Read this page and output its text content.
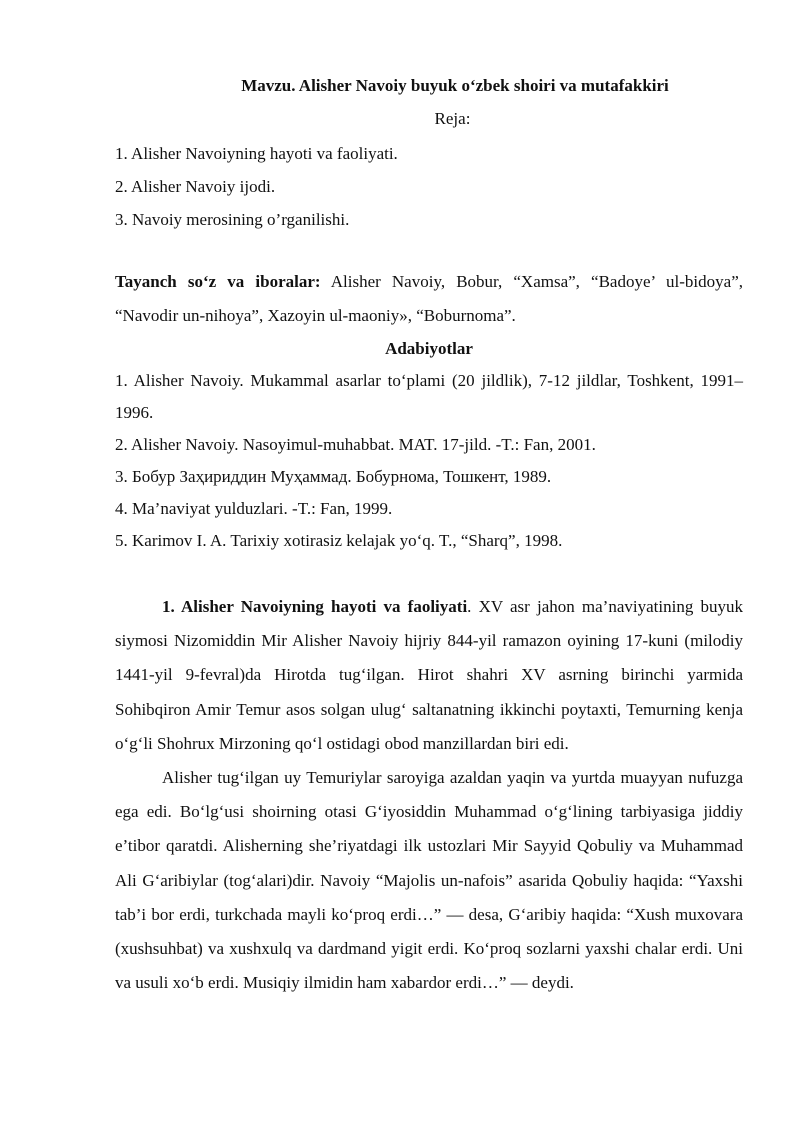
Mavzu. Alisher Navoiy buyuk o‘zbek shoiri va mutafakkiri
Reja:
1. Alisher Navoiyning hayoti va faoliyati.
2. Alisher Navoiy ijodi.
3. Navoiy merosining o’rganilishi.
Tayanch so‘z va iboralar: Alisher Navoiy, Bobur, “Xamsa”, “Badoye’ ul-bidoya”, “Navodir un-nihoya”, Xazoyin ul-maoniy», “Boburnoma”.
Adabiyotlar
1. Alisher Navoiy. Mukammal asarlar to‘plami (20 jildlik), 7-12 jildlar, Toshkent, 1991–1996.
2. Alisher Navoiy. Nasoyimul-muhabbat. MAT. 17-jild. -T.: Fan, 2001.
3. Бобур Заҳириддин Муҳаммад. Бобурнома, Тошкент, 1989.
4. Ma’naviyat yulduzlari. -T.: Fan, 1999.
5. Karimov I. A. Tarixiy xotirasiz kelajak yo‘q. T., “Sharq”, 1998.
1. Alisher Navoiyning hayoti va faoliyati. XV asr jahon ma’naviyatining buyuk siymosi Nizomiddin Mir Alisher Navoiy hijriy 844-yil ramazon oyining 17-kuni (milodiy 1441-yil 9-fevral)da Hirotda tug‘ilgan. Hirot shahri XV asrning birinchi yarmida Sohibqiron Amir Temur asos solgan ulug‘ saltanatning ikkinchi poytaxti, Temurning kenja o‘g‘li Shohrux Mirzoning qo‘l ostidagi obod manzillardan biri edi.
Alisher tug‘ilgan uy Temuriylar saroyiga azaldan yaqin va yurtda muayyan nufuzga ega edi. Bo‘lg‘usi shoirning otasi G‘iyosiddin Muhammad o‘g‘lining tarbiyasiga jiddiy e’tibor qaratdi. Alisherning she’riyatdagi ilk ustozlari Mir Sayyid Qobuliy va Muhammad Ali G‘aribiylar (tog‘alari)dir. Navoiy “Majolis un-nafois” asarida Qobuliy haqida: “Yaxshi tab’i bor erdi, turkchada mayli ko‘proq erdi…” — desa, G‘aribiy haqida: “Xush muxovara (xushsuhbat) va xushxulq va dardmand yigit erdi. Ko‘proq sozlarni yaxshi chalar erdi. Uni va usuli xo‘b erdi. Musiqiy ilmidin ham xabardor erdi…” — deydi.
